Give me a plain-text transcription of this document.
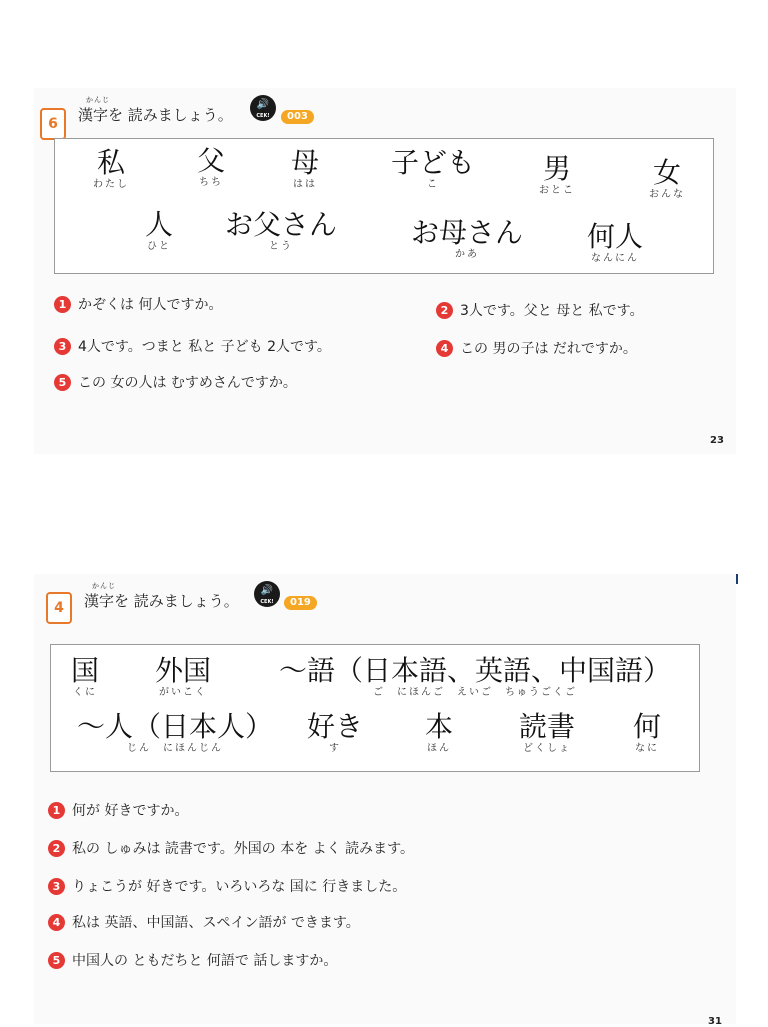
6
かんじ
漢字を 読みましょう。
🔊
CEK!	003
私
わたし
父
ちち
母
はは
子ども
こ	男
おとこ
女
おんな
人
ひと
お父さん
とう	お母さん
かあ
何人
なんにん
1 かぞくは 何人ですか。	2 3人です。父と 母と 私です。
3 4人です。つまと 私と 子ども 2人です。	4 この 男の子は だれですか。
5 この 女の人は むすめさんですか。
23
4
かんじ
漢字を 読みましょう。
🔊
CEK!	019
国
くに
外国
がいこく
～語（日本語、英語、中国語）
ご　にほんご　えいご　ちゅうごくご
～人（日本人）
じん　にほんじん
好き
す
本
ほん
読書
どくしょ
何
なに
1 何が 好きですか。
2 私の しゅみは 読書です。外国の 本を よく 読みます。
3 りょこうが 好きです。いろいろな 国に 行きました。
4 私は 英語、中国語、スペイン語が できます。
5 中国人の ともだちと 何語で 話しますか。
31
